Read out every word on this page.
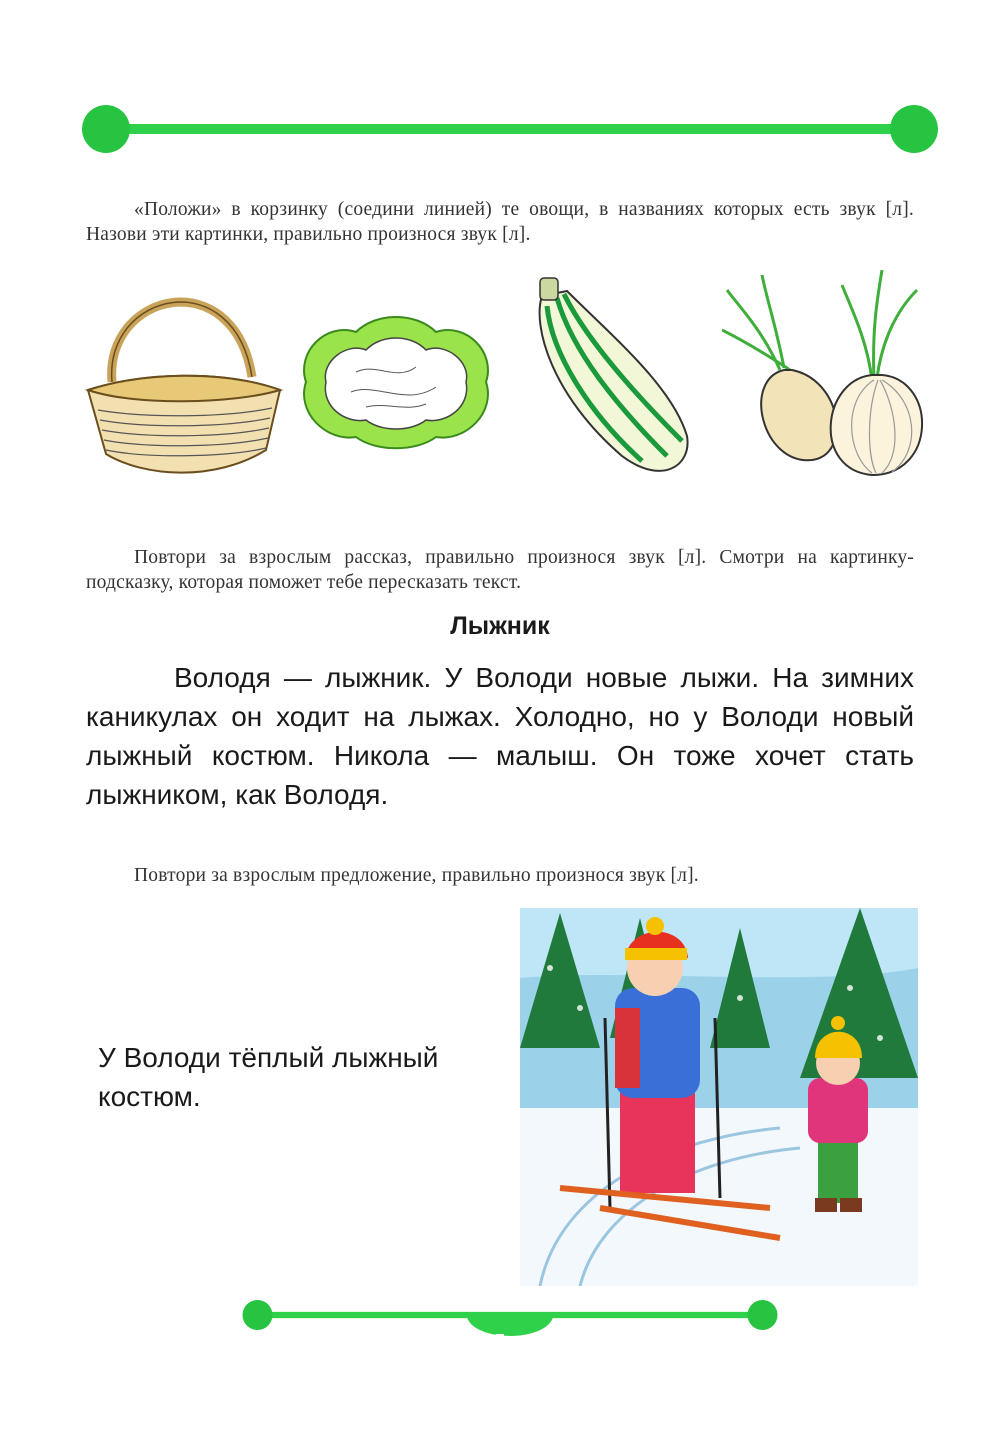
«Положи» в корзинку (соедини линией) те овощи, в названиях которых есть звук [л]. Назови эти картинки, правильно произнося звук [л].

Повтори за взрослым рассказ, правильно произнося звук [л]. Смотри на картинку-подсказку, которая поможет тебе пересказать текст.

Лыжник

Володя — лыжник. У Володи новые лыжи. На зимних каникулах он ходит на лыжах. Холодно, но у Володи новый лыжный костюм. Никола — малыш. Он тоже хочет стать лыжником, как Володя.

Повтори за взрослым предложение, правильно произнося звук [л].

У Володи тёплый лыжный костюм.
5
